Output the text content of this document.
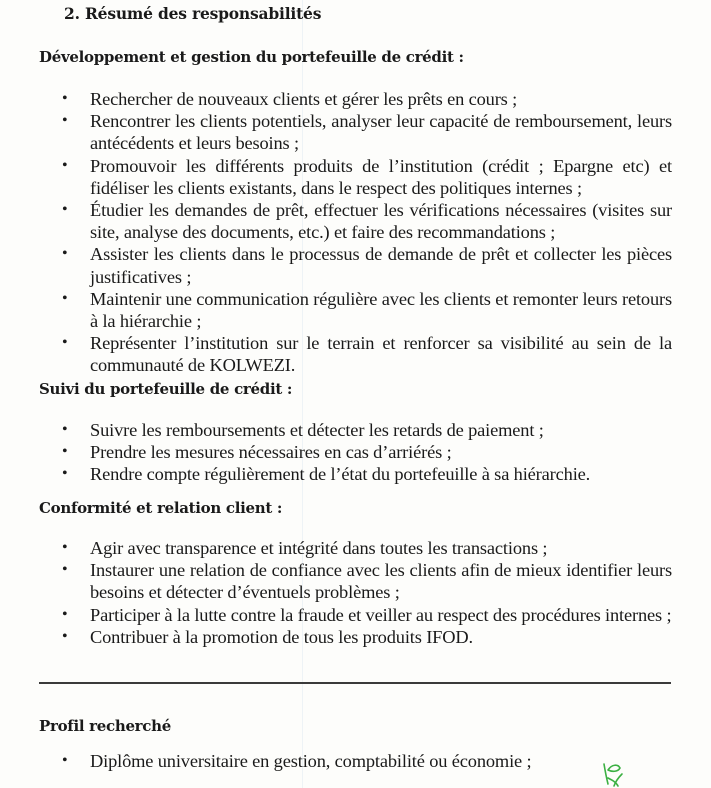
2. Résumé des responsabilités
Développement et gestion du portefeuille de crédit :
• Rechercher de nouveaux clients et gérer les prêts en cours ;
• Rencontrer les clients potentiels, analyser leur capacité de remboursement, leurs antécédents et leurs besoins ;
• Promouvoir les différents produits de l’institution (crédit ; Epargne etc) et fidéliser les clients existants, dans le respect des politiques internes ;
• Étudier les demandes de prêt, effectuer les vérifications nécessaires (visites sur site, analyse des documents, etc.) et faire des recommandations ;
• Assister les clients dans le processus de demande de prêt et collecter les pièces justificatives ;
• Maintenir une communication régulière avec les clients et remonter leurs retours à la hiérarchie ;
• Représenter l’institution sur le terrain et renforcer sa visibilité au sein de la communauté de KOLWEZI.
Suivi du portefeuille de crédit :
• Suivre les remboursements et détecter les retards de paiement ;
• Prendre les mesures nécessaires en cas d’arriérés ;
• Rendre compte régulièrement de l’état du portefeuille à sa hiérarchie.
Conformité et relation client :
• Agir avec transparence et intégrité dans toutes les transactions ;
• Instaurer une relation de confiance avec les clients afin de mieux identifier leurs besoins et détecter d’éventuels problèmes ;
• Participer à la lutte contre la fraude et veiller au respect des procédures internes ;
• Contribuer à la promotion de tous les produits IFOD.
Profil recherché
• Diplôme universitaire en gestion, comptabilité ou économie ;
